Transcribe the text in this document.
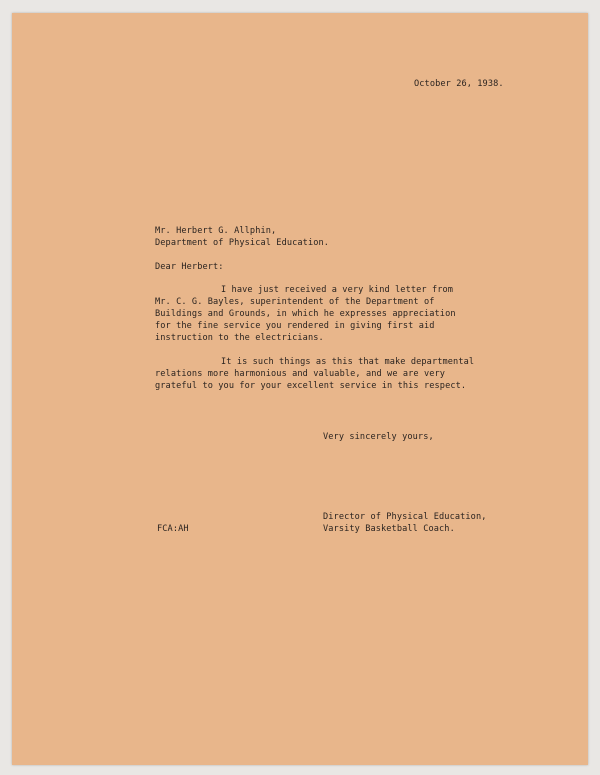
October 26, 1938.

Mr. Herbert G. Allphin,

Department of Physical Education.

Dear Herbert:

I have just received a very kind letter from

Mr. C. G. Bayles, superintendent of the Department of

Buildings and Grounds, in which he expresses appreciation

for the fine service you rendered in giving first aid

instruction to the electricians.

It is such things as this that make departmental

relations more harmonious and valuable, and we are very

grateful to you for your excellent service in this respect.

Very sincerely yours,

Director of Physical Education,

Varsity Basketball Coach.

FCA:AH
